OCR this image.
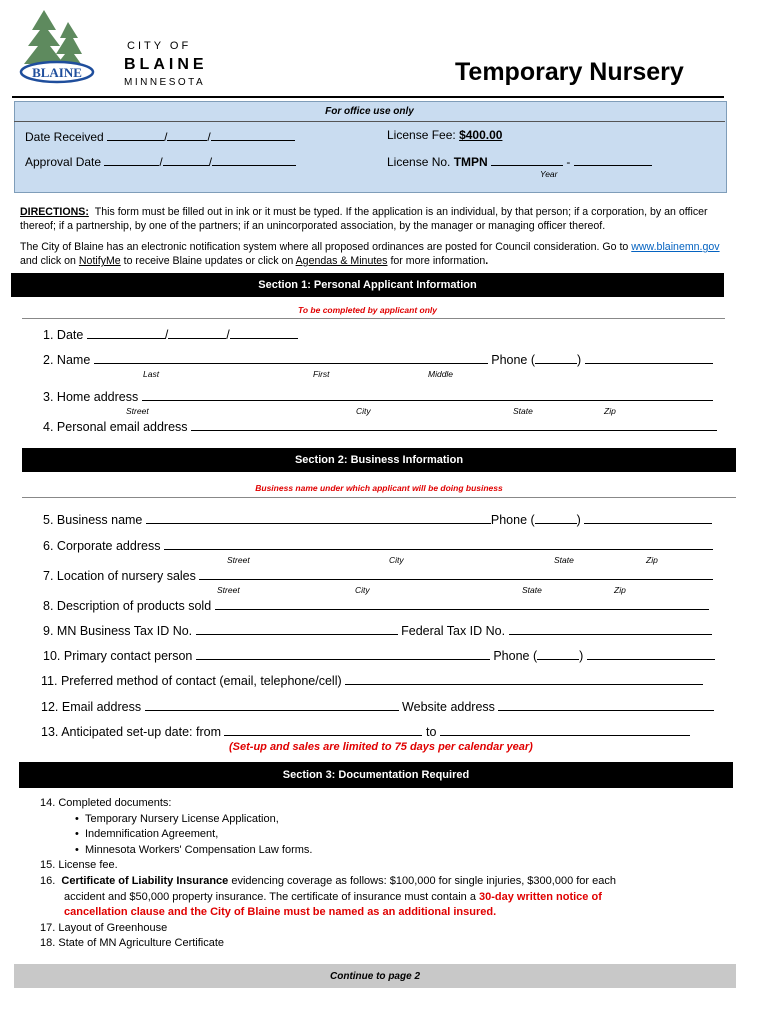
BLAINE
CITY OF
BLAINE
MINNESOTA	Temporary Nursery
For office use only
Date Received	/	/
Approval Date	/	/
License Fee: $400.00
License No. TMPN	-
Year
DIRECTIONS: This form must be filled out in ink or it must be typed. If the application is an individual, by that person; if a corporation, by an officer thereof; if a partnership, by one of the partners; if an unincorporated association, by the manager or managing officer thereof.
The City of Blaine has an electronic notification system where all proposed ordinances are posted for Council consideration. Go to www.blainemn.gov and click on NotifyMe to receive Blaine updates or click on Agendas & Minutes for more information.
Section 1: Personal Applicant Information
To be completed by applicant only
1. Date	/	/
2. Name	Phone (	)
Last	First	Middle
3. Home address
Street	City	State	Zip
4. Personal email address
Section 2: Business Information
Business name under which applicant will be doing business
5. Business name	Phone (	)
6. Corporate address
Street	City	State	Zip
7. Location of nursery sales
Street	City	State	Zip
8. Description of products sold
9. MN Business Tax ID No.	Federal Tax ID No.
10. Primary contact person	Phone (	)
11. Preferred method of contact (email, telephone/cell)
12. Email address	Website address
13. Anticipated set-up date: from	to
(Set-up and sales are limited to 75 days per calendar year)
Section 3: Documentation Required
14. Completed documents:
•  Temporary Nursery License Application,
•  Indemnification Agreement,
•  Minnesota Workers' Compensation Law forms.
15. License fee.
16. Certificate of Liability Insurance evidencing coverage as follows: $100,000 for single injuries, $300,000 for each
accident and $50,000 property insurance. The certificate of insurance must contain a 30-day written notice of
cancellation clause and the City of Blaine must be named as an additional insured.
17. Layout of Greenhouse
18. State of MN Agriculture Certificate
Continue to page 2
